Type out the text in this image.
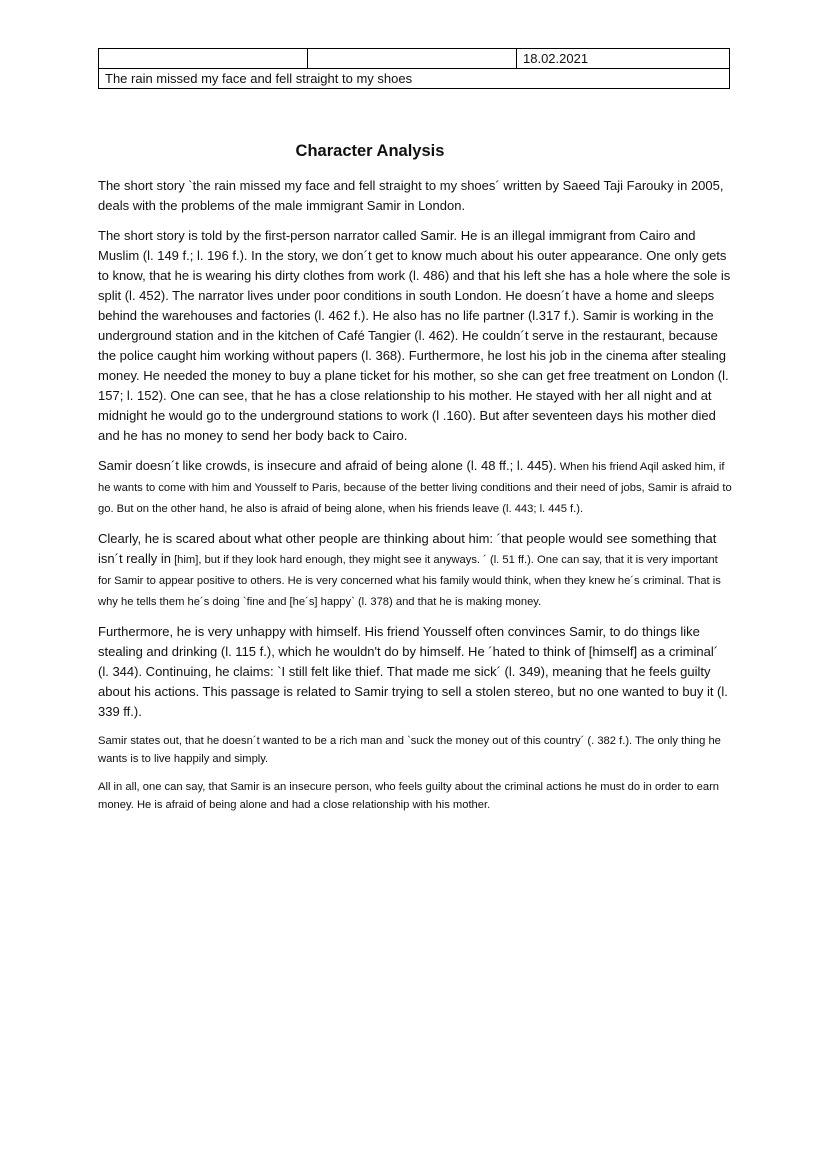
		18.02.2021
The rain missed my face and fell straight to my shoes
Character Analysis

The short story `the rain missed my face and fell straight to my shoes´ written by Saeed Taji Farouky in 2005, deals with the problems of the male immigrant Samir in London.

The short story is told by the first-person narrator called Samir. He is an illegal immigrant from Cairo and Muslim (l. 149 f.; l. 196 f.). In the story, we don´t get to know much about his outer appearance. One only gets to know, that he is wearing his dirty clothes from work (l. 486) and that his left she has a hole where the sole is split (l. 452). The narrator lives under poor conditions in south London. He doesn´t have a home and sleeps behind the warehouses and factories (l. 462 f.). He also has no life partner (l.317 f.). Samir is working in the underground station and in the kitchen of Café Tangier (l. 462). He couldn´t serve in the restaurant, because the police caught him working without papers (l. 368). Furthermore, he lost his job in the cinema after stealing money. He needed the money to buy a plane ticket for his mother, so she can get free treatment on London (l. 157; l. 152). One can see, that he has a close relationship to his mother. He stayed with her all night and at midnight he would go to the underground stations to work (l .160). But after seventeen days his mother died and he has no money to send her body back to Cairo.

Samir doesn´t like crowds, is insecure and afraid of being alone (l. 48 ff.; l. 445). When his friend Aqil asked him, if he wants to come with him and Yousself to Paris, because of the better living conditions and their need of jobs, Samir is afraid to go. But on the other hand, he also is afraid of being alone, when his friends leave (l. 443; l. 445 f.).

Clearly, he is scared about what other people are thinking about him: ´that people would see something that isn´t really in [him], but if they look hard enough, they might see it anyways. ´ (l. 51 ff.). One can say, that it is very important for Samir to appear positive to others. He is very concerned what his family would think, when they knew he´s criminal. That is why he tells them he´s doing `fine and [he´s] happy` (l. 378) and that he is making money.

Furthermore, he is very unhappy with himself. His friend Yousself often convinces Samir, to do things like stealing and drinking (l. 115 f.), which he wouldn't do by himself. He ´hated to think of [himself] as a criminal´ (l. 344). Continuing, he claims: `I still felt like thief. That made me sick´ (l. 349), meaning that he feels guilty about his actions. This passage is related to Samir trying to sell a stolen stereo, but no one wanted to buy it (l. 339 ff.).

Samir states out, that he doesn´t wanted to be a rich man and `suck the money out of this country´ (. 382 f.). The only thing he wants is to live happily and simply.

All in all, one can say, that Samir is an insecure person, who feels guilty about the criminal actions he must do in order to earn money. He is afraid of being alone and had a close relationship with his mother.
